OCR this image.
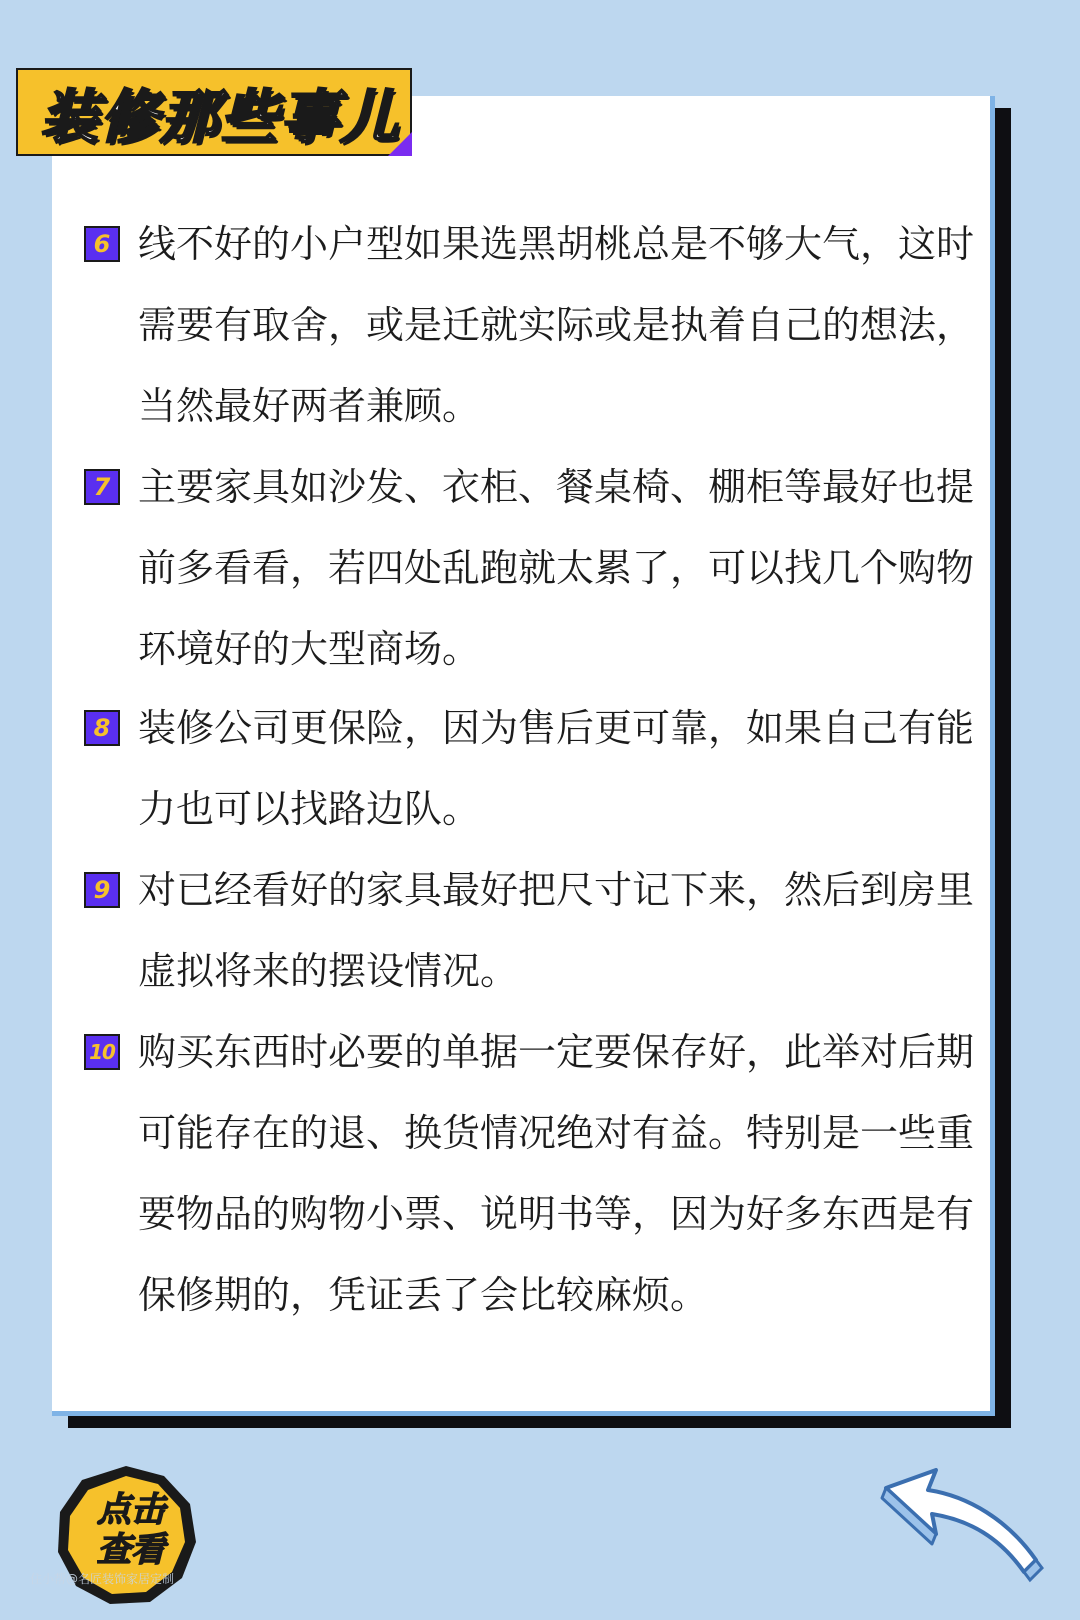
装修那些事儿
6 线不好的小户型如果选黑胡桃总是不够大气，这时需要有取舍，或是迁就实际或是执着自己的想法，当然最好两者兼顾。
7 主要家具如沙发、衣柜、餐桌椅、棚柜等最好也提前多看看，若四处乱跑就太累了，可以找几个购物环境好的大型商场。
8 装修公司更保险，因为售后更可靠，如果自己有能力也可以找路边队。
9 对已经看好的家具最好把尺寸记下来，然后到房里虚拟将来的摆设情况。
10 购买东西时必要的单据一定要保存好，此举对后期可能存在的退、换货情况绝对有益。特别是一些重要物品的购物小票、说明书等，因为好多东西是有保修期的，凭证丢了会比较麻烦。
点击
查看
住小帮@名匠装饰家居定制
